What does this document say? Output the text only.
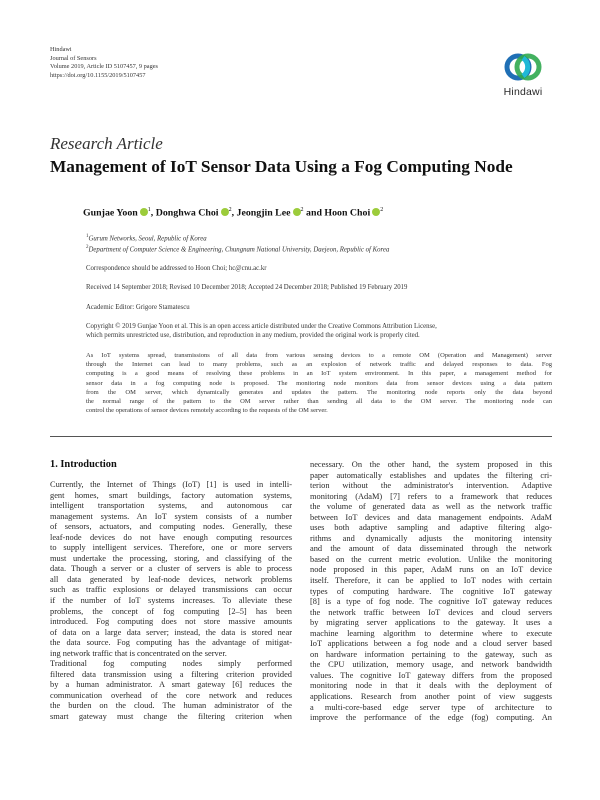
Hindawi
Journal of Sensors
Volume 2019, Article ID 5107457, 9 pages
https://doi.org/10.1155/2019/5107457
Hindawi
Research Article
Management of IoT Sensor Data Using a Fog Computing Node
Gunjae Yoon $^1$, Donghwa Choi $^2$, Jeongjin Lee $^2$ and Hoon Choi $^2$
$^1$Gurum Networks, Seoul, Republic of Korea
$^2$Department of Computer Science & Engineering, Chungnam National University, Daejeon, Republic of Korea
Correspondence should be addressed to Hoon Choi; hc@cnu.ac.kr
Received 14 September 2018; Revised 10 December 2018; Accepted 24 December 2018; Published 19 February 2019
Academic Editor: Grigore Stamatescu
Copyright © 2019 Gunjae Yoon et al. This is an open access article distributed under the Creative Commons Attribution License,
which permits unrestricted use, distribution, and reproduction in any medium, provided the original work is properly cited.
As IoT systems spread, transmissions of all data from various sensing devices to a remote OM (Operation and Management) server
through the Internet can lead to many problems, such as an explosion of network traffic and delayed responses to data. Fog
computing is a good means of resolving these problems in an IoT system environment. In this paper, a management method for
sensor data in a fog computing node is proposed. The monitoring node monitors data from sensor devices using a data pattern
from the OM server, which dynamically generates and updates the pattern. The monitoring node reports only the data beyond
the normal range of the pattern to the OM server rather than sending all data to the OM server. The monitoring node can
control the operations of sensor devices remotely according to the requests of the OM server.
1. Introduction
Currently, the Internet of Things (IoT) [1] is used in intelli-
gent homes, smart buildings, factory automation systems,
intelligent transportation systems, and autonomous car
management systems. An IoT system consists of a number
of sensors, actuators, and computing nodes. Generally, these
leaf-node devices do not have enough computing resources
to supply intelligent services. Therefore, one or more servers
must undertake the processing, storing, and classifying of the
data. Though a server or a cluster of servers is able to process
all data generated by leaf-node devices, network problems
such as traffic explosions or delayed transmissions can occur
if the number of IoT systems increases. To alleviate these
problems, the concept of fog computing [2–5] has been
introduced. Fog computing does not store massive amounts
of data on a large data server; instead, the data is stored near
the data source. Fog computing has the advantage of mitigat-
ing network traffic that is concentrated on the server.
Traditional fog computing nodes simply performed
filtered data transmission using a filtering criterion provided
by a human administrator. A smart gateway [6] reduces the
communication overhead of the core network and reduces
the burden on the cloud. The human administrator of the
smart gateway must change the filtering criterion when
necessary. On the other hand, the system proposed in this
paper automatically establishes and updates the filtering cri-
terion without the administrator's intervention. Adaptive
monitoring (AdaM) [7] refers to a framework that reduces
the volume of generated data as well as the network traffic
between IoT devices and data management endpoints. AdaM
uses both adaptive sampling and adaptive filtering algo-
rithms and dynamically adjusts the monitoring intensity
and the amount of data disseminated through the network
based on the current metric evolution. Unlike the monitoring
node proposed in this paper, AdaM runs on an IoT device
itself. Therefore, it can be applied to IoT nodes with certain
types of computing hardware. The cognitive IoT gateway
[8] is a type of fog node. The cognitive IoT gateway reduces
the network traffic between IoT devices and cloud servers
by migrating server applications to the gateway. It uses a
machine learning algorithm to determine where to execute
IoT applications between a fog node and a cloud server based
on hardware information pertaining to the gateway, such as
the CPU utilization, memory usage, and network bandwidth
values. The cognitive IoT gateway differs from the proposed
monitoring node in that it deals with the deployment of
applications. Research from another point of view suggests
a multi-core-based edge server type of architecture to
improve the performance of the edge (fog) computing. An
